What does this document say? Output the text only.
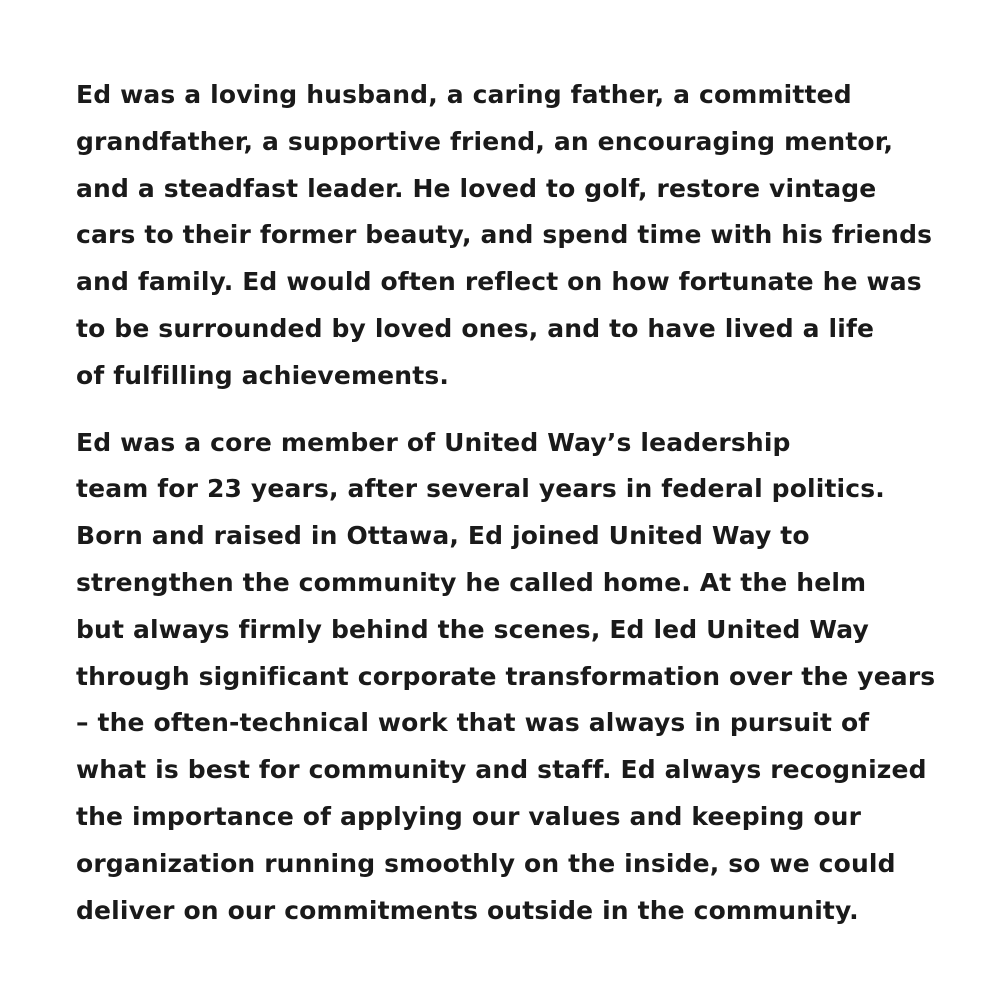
Ed was a loving husband, a caring father, a committed
grandfather, a supportive friend, an encouraging mentor,
and a steadfast leader. He loved to golf, restore vintage
cars to their former beauty, and spend time with his friends
and family. Ed would often reflect on how fortunate he was
to be surrounded by loved ones, and to have lived a life
of fulfilling achievements.

Ed was a core member of United Way’s leadership
team for 23 years, after several years in federal politics.
Born and raised in Ottawa, Ed joined United Way to
strengthen the community he called home. At the helm
but always firmly behind the scenes, Ed led United Way
through significant corporate transformation over the years
– the often-technical work that was always in pursuit of
what is best for community and staff. Ed always recognized
the importance of applying our values and keeping our
organization running smoothly on the inside, so we could
deliver on our commitments outside in the community.
